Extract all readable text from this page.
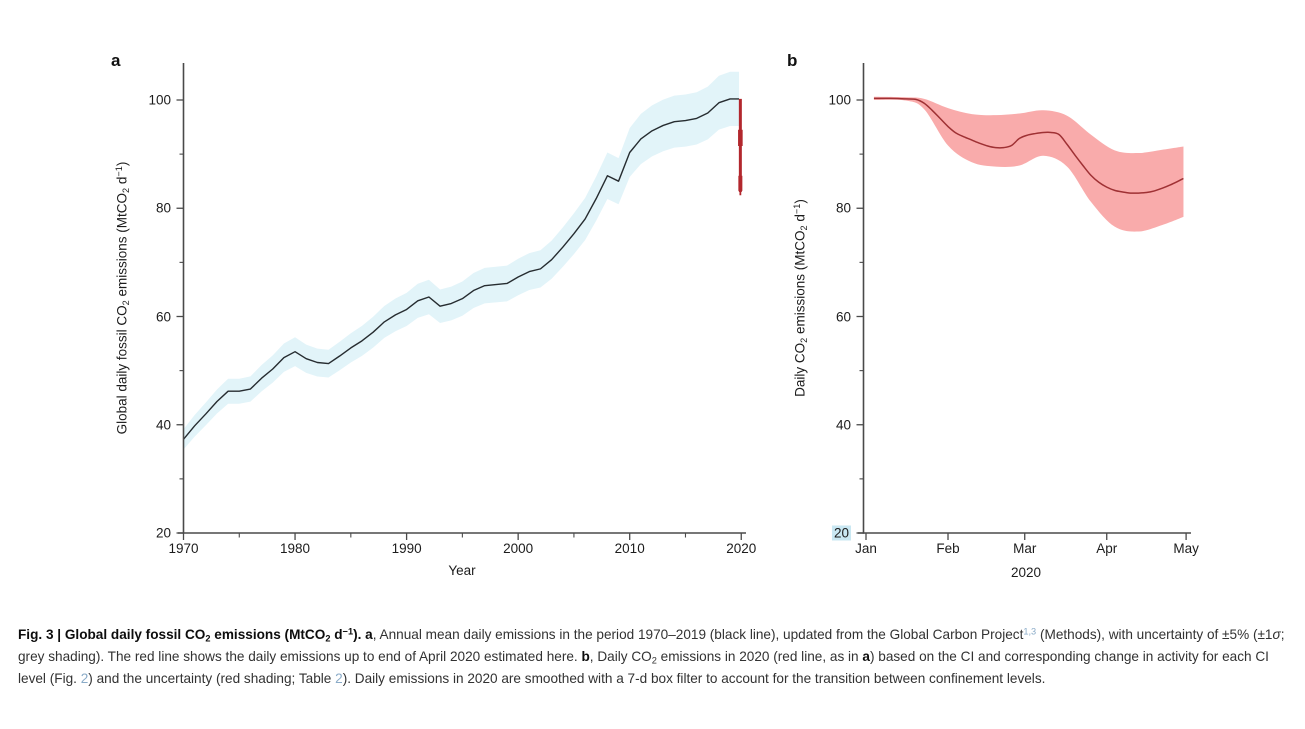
a	b
Global daily fossil $CO_2$ emissions (MtCO$_2$ $d^{-1}$)
Daily $CO_2$ emissions (MtCO$_2$ $d^{-1}$)
Year	2020
20
40
60
80
100
1970	1980	1990	2000	2010	2020
20
40
60
80
100
Jan	Feb	Mar	Apr	May

Fig. 3 | Global daily fossil $CO_2$ emissions (MtCO$_2$ $d^{-1}$). a, Annual mean daily emissions in the period 1970–2019 (black line), updated from the Global Carbon Project$^{1,3}$ (Methods), with uncertainty of ±5% (±1σ; grey shading). The red line shows the daily emissions up to end of April 2020 estimated here. b, Daily $CO_2$ emissions in 2020 (red line, as in a) based on the CI and corresponding change in activity for each CI level (Fig. 2) and the uncertainty (red shading; Table 2). Daily emissions in 2020 are smoothed with a 7-d box filter to account for the transition between confinement levels.
